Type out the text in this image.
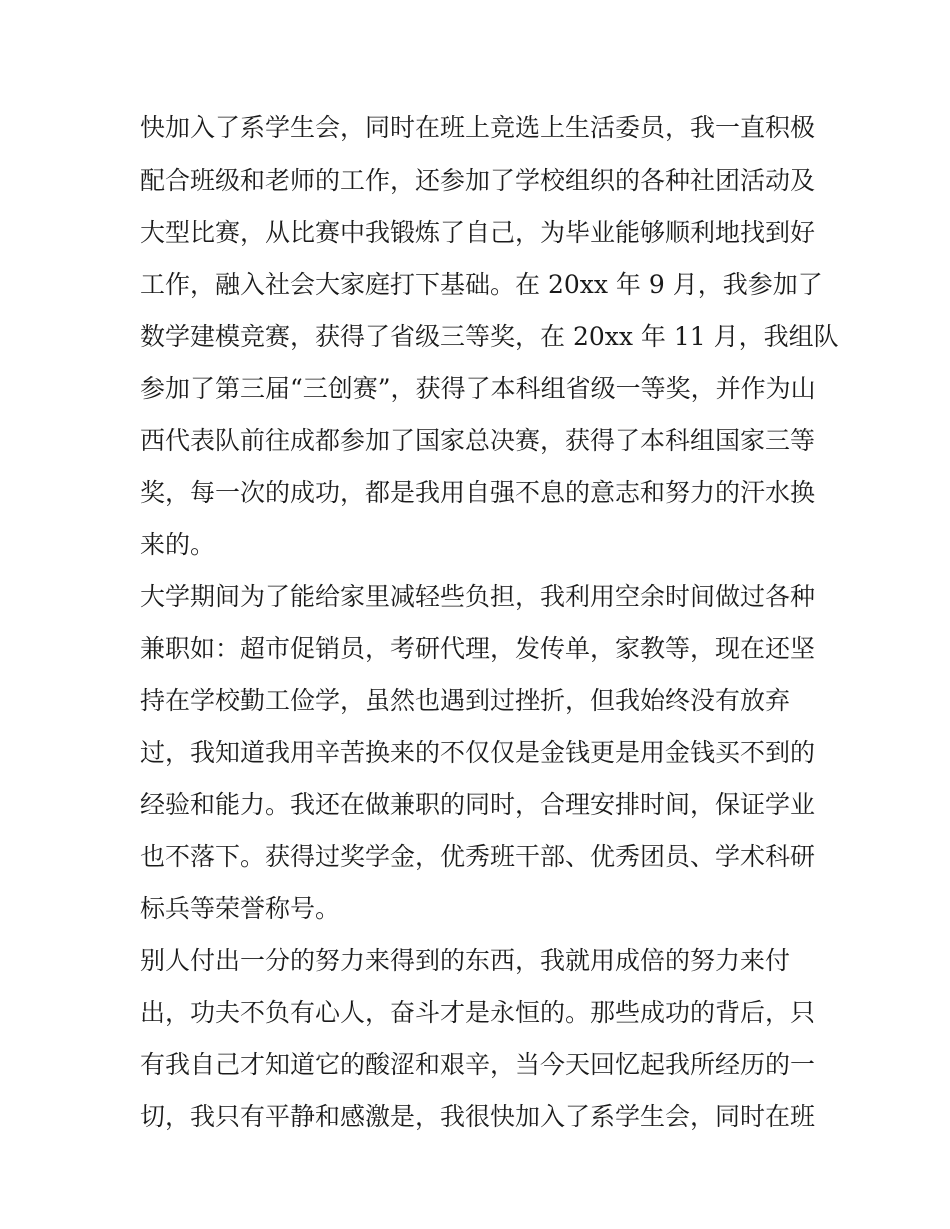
快加入了系学生会，同时在班上竞选上生活委员，我一直积极
配合班级和老师的工作，还参加了学校组织的各种社团活动及
大型比赛，从比赛中我锻炼了自己，为毕业能够顺利地找到好
工作，融入社会大家庭打下基础。在 20xx 年 9 月，我参加了
数学建模竞赛，获得了省级三等奖，在 20xx 年 11 月，我组队
参加了第三届“三创赛”，获得了本科组省级一等奖，并作为山
西代表队前往成都参加了国家总决赛，获得了本科组国家三等
奖，每一次的成功，都是我用自强不息的意志和努力的汗水换
来的。
大学期间为了能给家里减轻些负担，我利用空余时间做过各种
兼职如：超市促销员，考研代理，发传单，家教等，现在还坚
持在学校勤工俭学，虽然也遇到过挫折，但我始终没有放弃
过，我知道我用辛苦换来的不仅仅是金钱更是用金钱买不到的
经验和能力。我还在做兼职的同时，合理安排时间，保证学业
也不落下。获得过奖学金，优秀班干部、优秀团员、学术科研
标兵等荣誉称号。
别人付出一分的努力来得到的东西，我就用成倍的努力来付
出，功夫不负有心人，奋斗才是永恒的。那些成功的背后，只
有我自己才知道它的酸涩和艰辛，当今天回忆起我所经历的一
切，我只有平静和感激是，我很快加入了系学生会，同时在班
